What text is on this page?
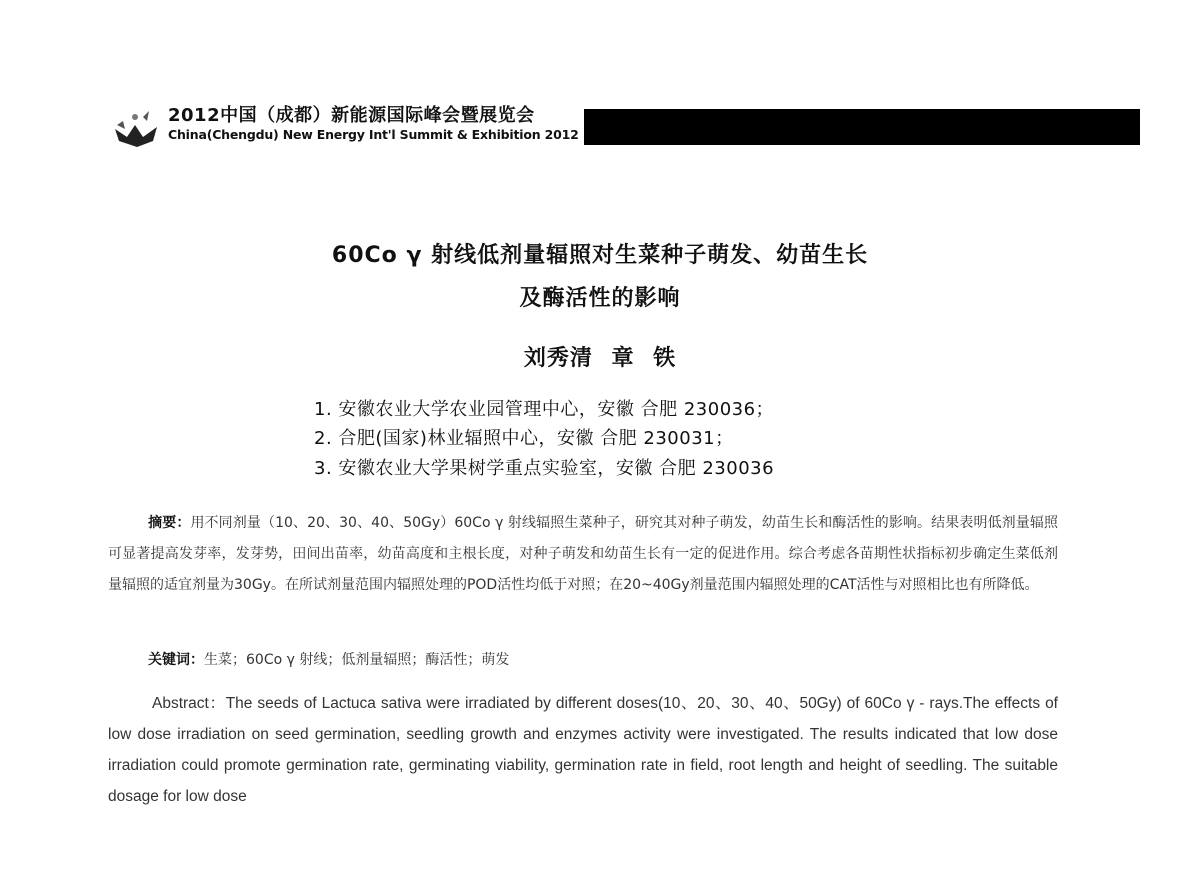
2012中国（成都）新能源国际峰会暨展览会
China(Chengdu) New Energy Int'l Summit & Exhibition 2012
60Co γ 射线低剂量辐照对生菜种子萌发、幼苗生长
及酶活性的影响
刘秀清 章 铁
1. 安徽农业大学农业园管理中心，安徽 合肥 230036；
2. 合肥(国家)林业辐照中心，安徽 合肥 230031；
3. 安徽农业大学果树学重点实验室，安徽 合肥 230036
摘要：用不同剂量（10、20、30、40、50Gy）60Co γ 射线辐照生菜种子，研究其对种子萌发，幼苗生长和酶活性的影响。结果表明低剂量辐照可显著提高发芽率，发芽势，田间出苗率，幼苗高度和主根长度，对种子萌发和幼苗生长有一定的促进作用。综合考虑各苗期性状指标初步确定生菜低剂量辐照的适宜剂量为30Gy。在所试剂量范围内辐照处理的POD活性均低于对照；在20~40Gy剂量范围内辐照处理的CAT活性与对照相比也有所降低。
关键词：生菜；60Co γ 射线；低剂量辐照；酶活性；萌发
Abstract：The seeds of Lactuca sativa were irradiated by different doses(10、20、30、40、50Gy) of 60Co γ - rays.The effects of low dose irradiation on seed germination, seedling growth and enzymes activity were investigated. The results indicated that low dose irradiation could promote germination rate, germinating viability, germination rate in field, root length and height of seedling. The suitable dosage for low dose
